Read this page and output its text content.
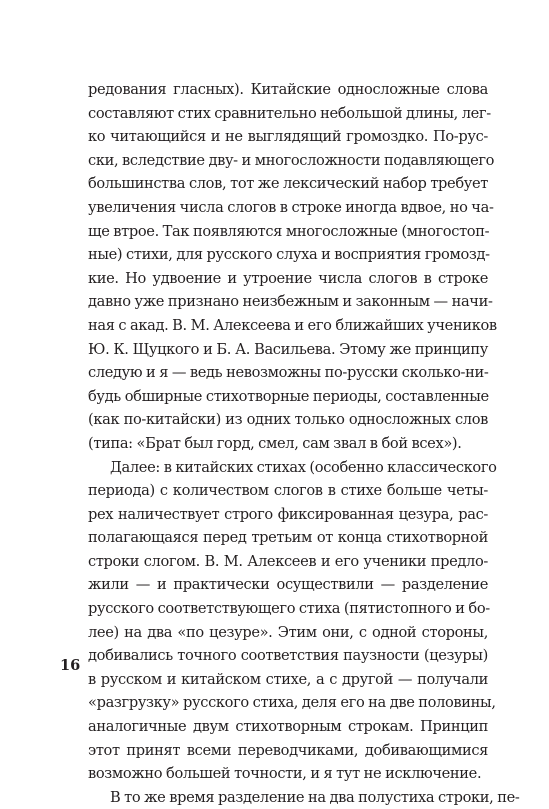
редования гласных). Китайские односложные слова
составляют стих сравнительно небольшой длины, лег-
ко читающийся и не выглядящий громоздко. По-рус-
ски, вследствие дву- и многосложности подавляющего
большинства слов, тот же лексический набор требует
увеличения числа слогов в строке иногда вдвое, но ча-
ще втрое. Так появляются многосложные (многостоп-
ные) стихи, для русского слуха и восприятия громозд-
кие. Но удвоение и утроение числа слогов в строке
давно уже признано неизбежным и законным — начи-
ная с акад. В. М. Алексеева и его ближайших учеников
Ю. К. Щуцкого и Б. А. Васильева. Этому же принципу
следую и я — ведь невозможны по-русски сколько-ни-
будь обширные стихотворные периоды, составленные
(как по-китайски) из одних только односложных слов
(типа: «Брат был горд, смел, сам звал в бой всех»).
Далее: в китайских стихах (особенно классического
периода) с количеством слогов в стихе больше четы-
рех наличествует строго фиксированная цезура, рас-
полагающаяся перед третьим от конца стихотворной
строки слогом. В. М. Алексеев и его ученики предло-
жили — и практически осуществили — разделение
русского соответствующего стиха (пятистопного и бо-
лее) на два «по цезуре». Этим они, с одной стороны,
добивались точного соответствия паузности (цезуры)
в русском и китайском стихе, а с другой — получали
«разгрузку» русского стиха, деля его на две половины,
аналогичные двум стихотворным строкам. Принцип
этот принят всеми переводчиками, добивающимися
возможно большей точности, и я тут не исключение.
В то же время разделение на два полустиха строки, пе-
16
